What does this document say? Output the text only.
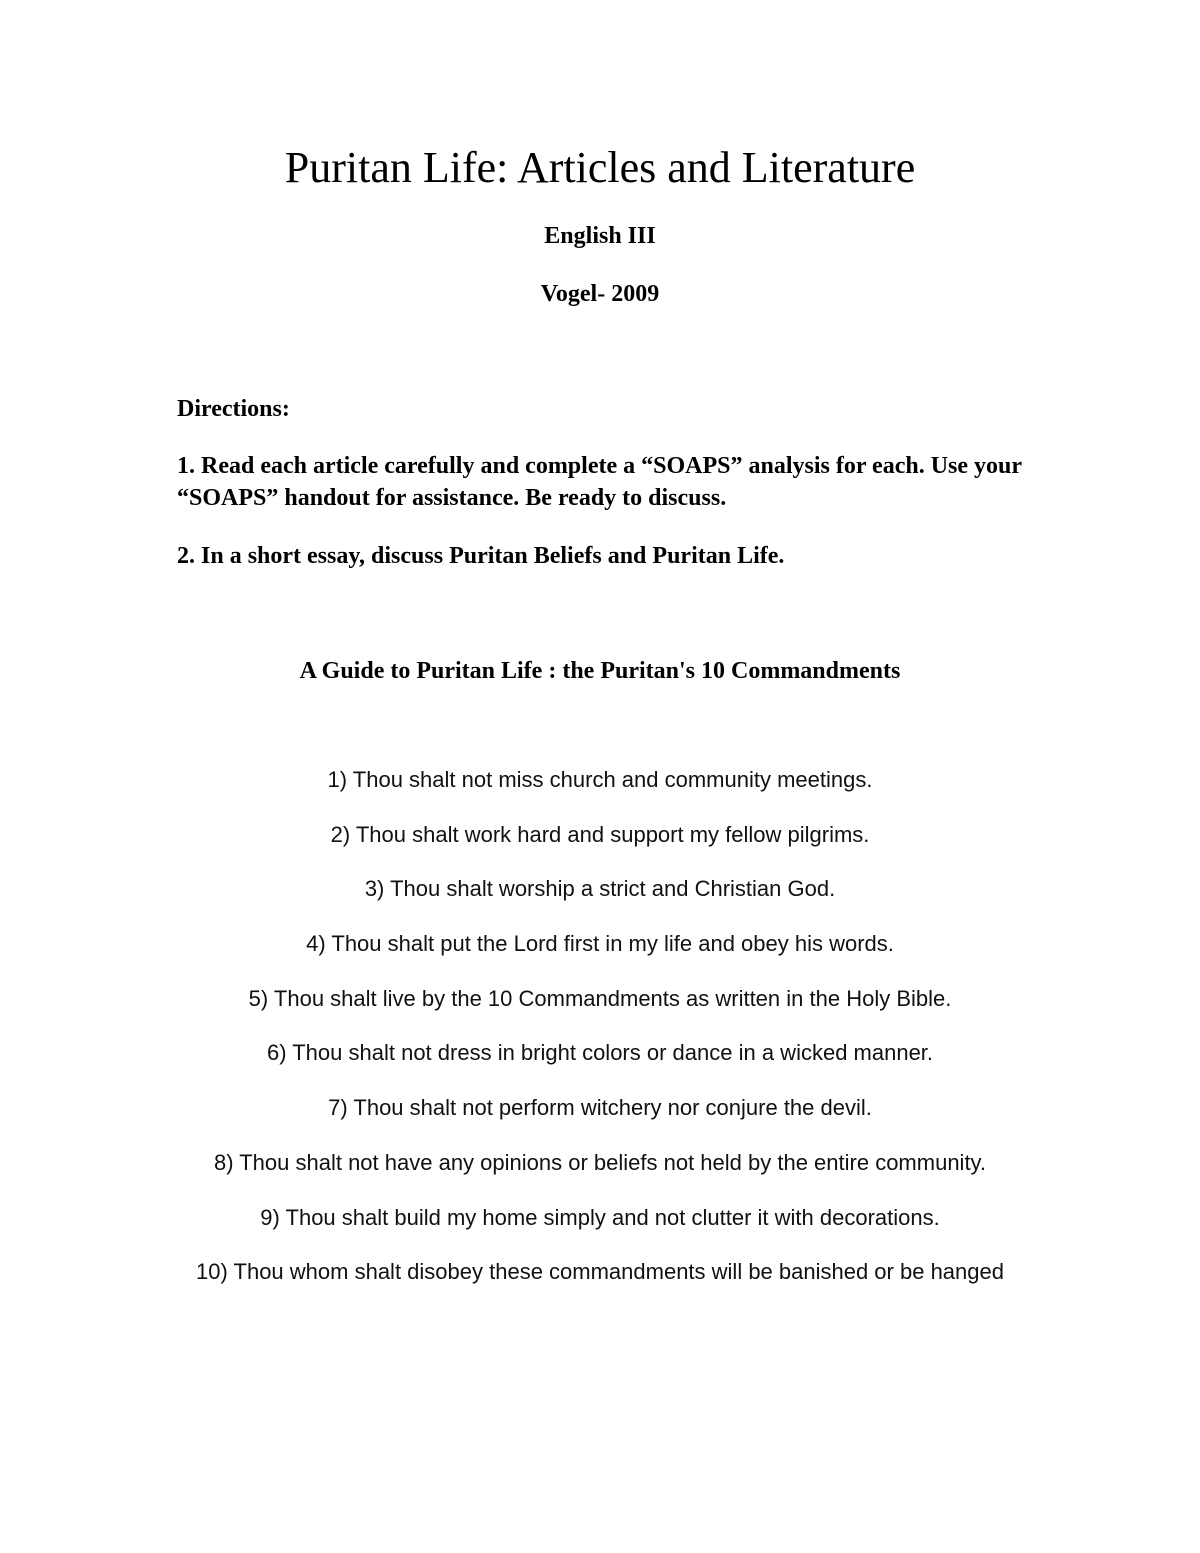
Puritan Life: Articles and Literature

English III

Vogel- 2009

Directions:

1. Read each article carefully and complete a “SOAPS” analysis for each. Use your “SOAPS” handout for assistance. Be ready to discuss.

2. In a short essay, discuss Puritan Beliefs and Puritan Life.

A Guide to Puritan Life : the Puritan's 10 Commandments

1) Thou shalt not miss church and community meetings.
2) Thou shalt work hard and support my fellow pilgrims.
3) Thou shalt worship a strict and Christian God.
4) Thou shalt put the Lord first in my life and obey his words.
5) Thou shalt live by the 10 Commandments as written in the Holy Bible.
6) Thou shalt not dress in bright colors or dance in a wicked manner.
7) Thou shalt not perform witchery nor conjure the devil.
8) Thou shalt not have any opinions or beliefs not held by the entire community.
9) Thou shalt build my home simply and not clutter it with decorations.
10) Thou whom shalt disobey these commandments will be banished or be hanged
